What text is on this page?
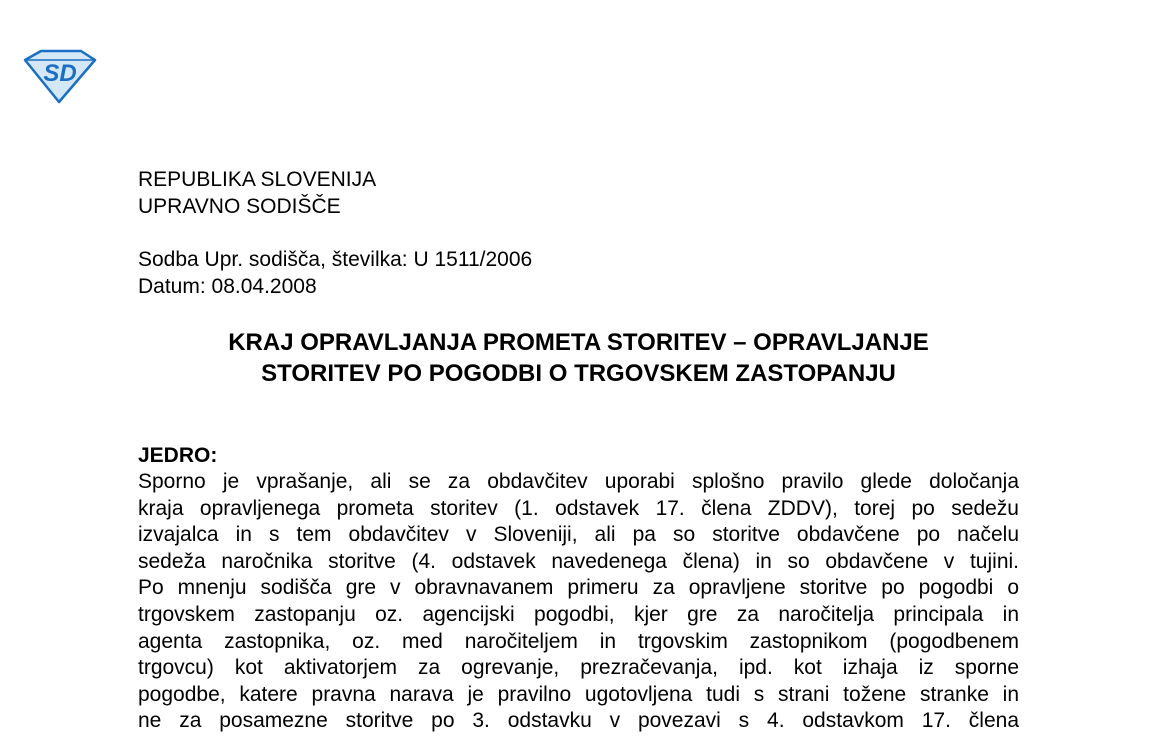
SD
REPUBLIKA SLOVENIJA
UPRAVNO SODIŠČE
Sodba Upr. sodišča, številka: U 1511/2006
Datum: 08.04.2008
KRAJ OPRAVLJANJA PROMETA STORITEV – OPRAVLJANJE
STORITEV PO POGODBI O TRGOVSKEM ZASTOPANJU
JEDRO:
Sporno je vprašanje, ali se za obdavčitev uporabi splošno pravilo glede določanja
kraja opravljenega prometa storitev (1. odstavek 17. člena ZDDV), torej po sedežu
izvajalca in s tem obdavčitev v Sloveniji, ali pa so storitve obdavčene po načelu
sedeža naročnika storitve (4. odstavek navedenega člena) in so obdavčene v tujini.
Po mnenju sodišča gre v obravnavanem primeru za opravljene storitve po pogodbi o
trgovskem zastopanju oz. agencijski pogodbi, kjer gre za naročitelja principala in
agenta zastopnika, oz. med naročiteljem in trgovskim zastopnikom (pogodbenem
trgovcu) kot aktivatorjem za ogrevanje, prezračevanja, ipd. kot izhaja iz sporne
pogodbe, katere pravna narava je pravilno ugotovljena tudi s strani tožene stranke in
ne za posamezne storitve po 3. odstavku v povezavi s 4. odstavkom 17. člena
